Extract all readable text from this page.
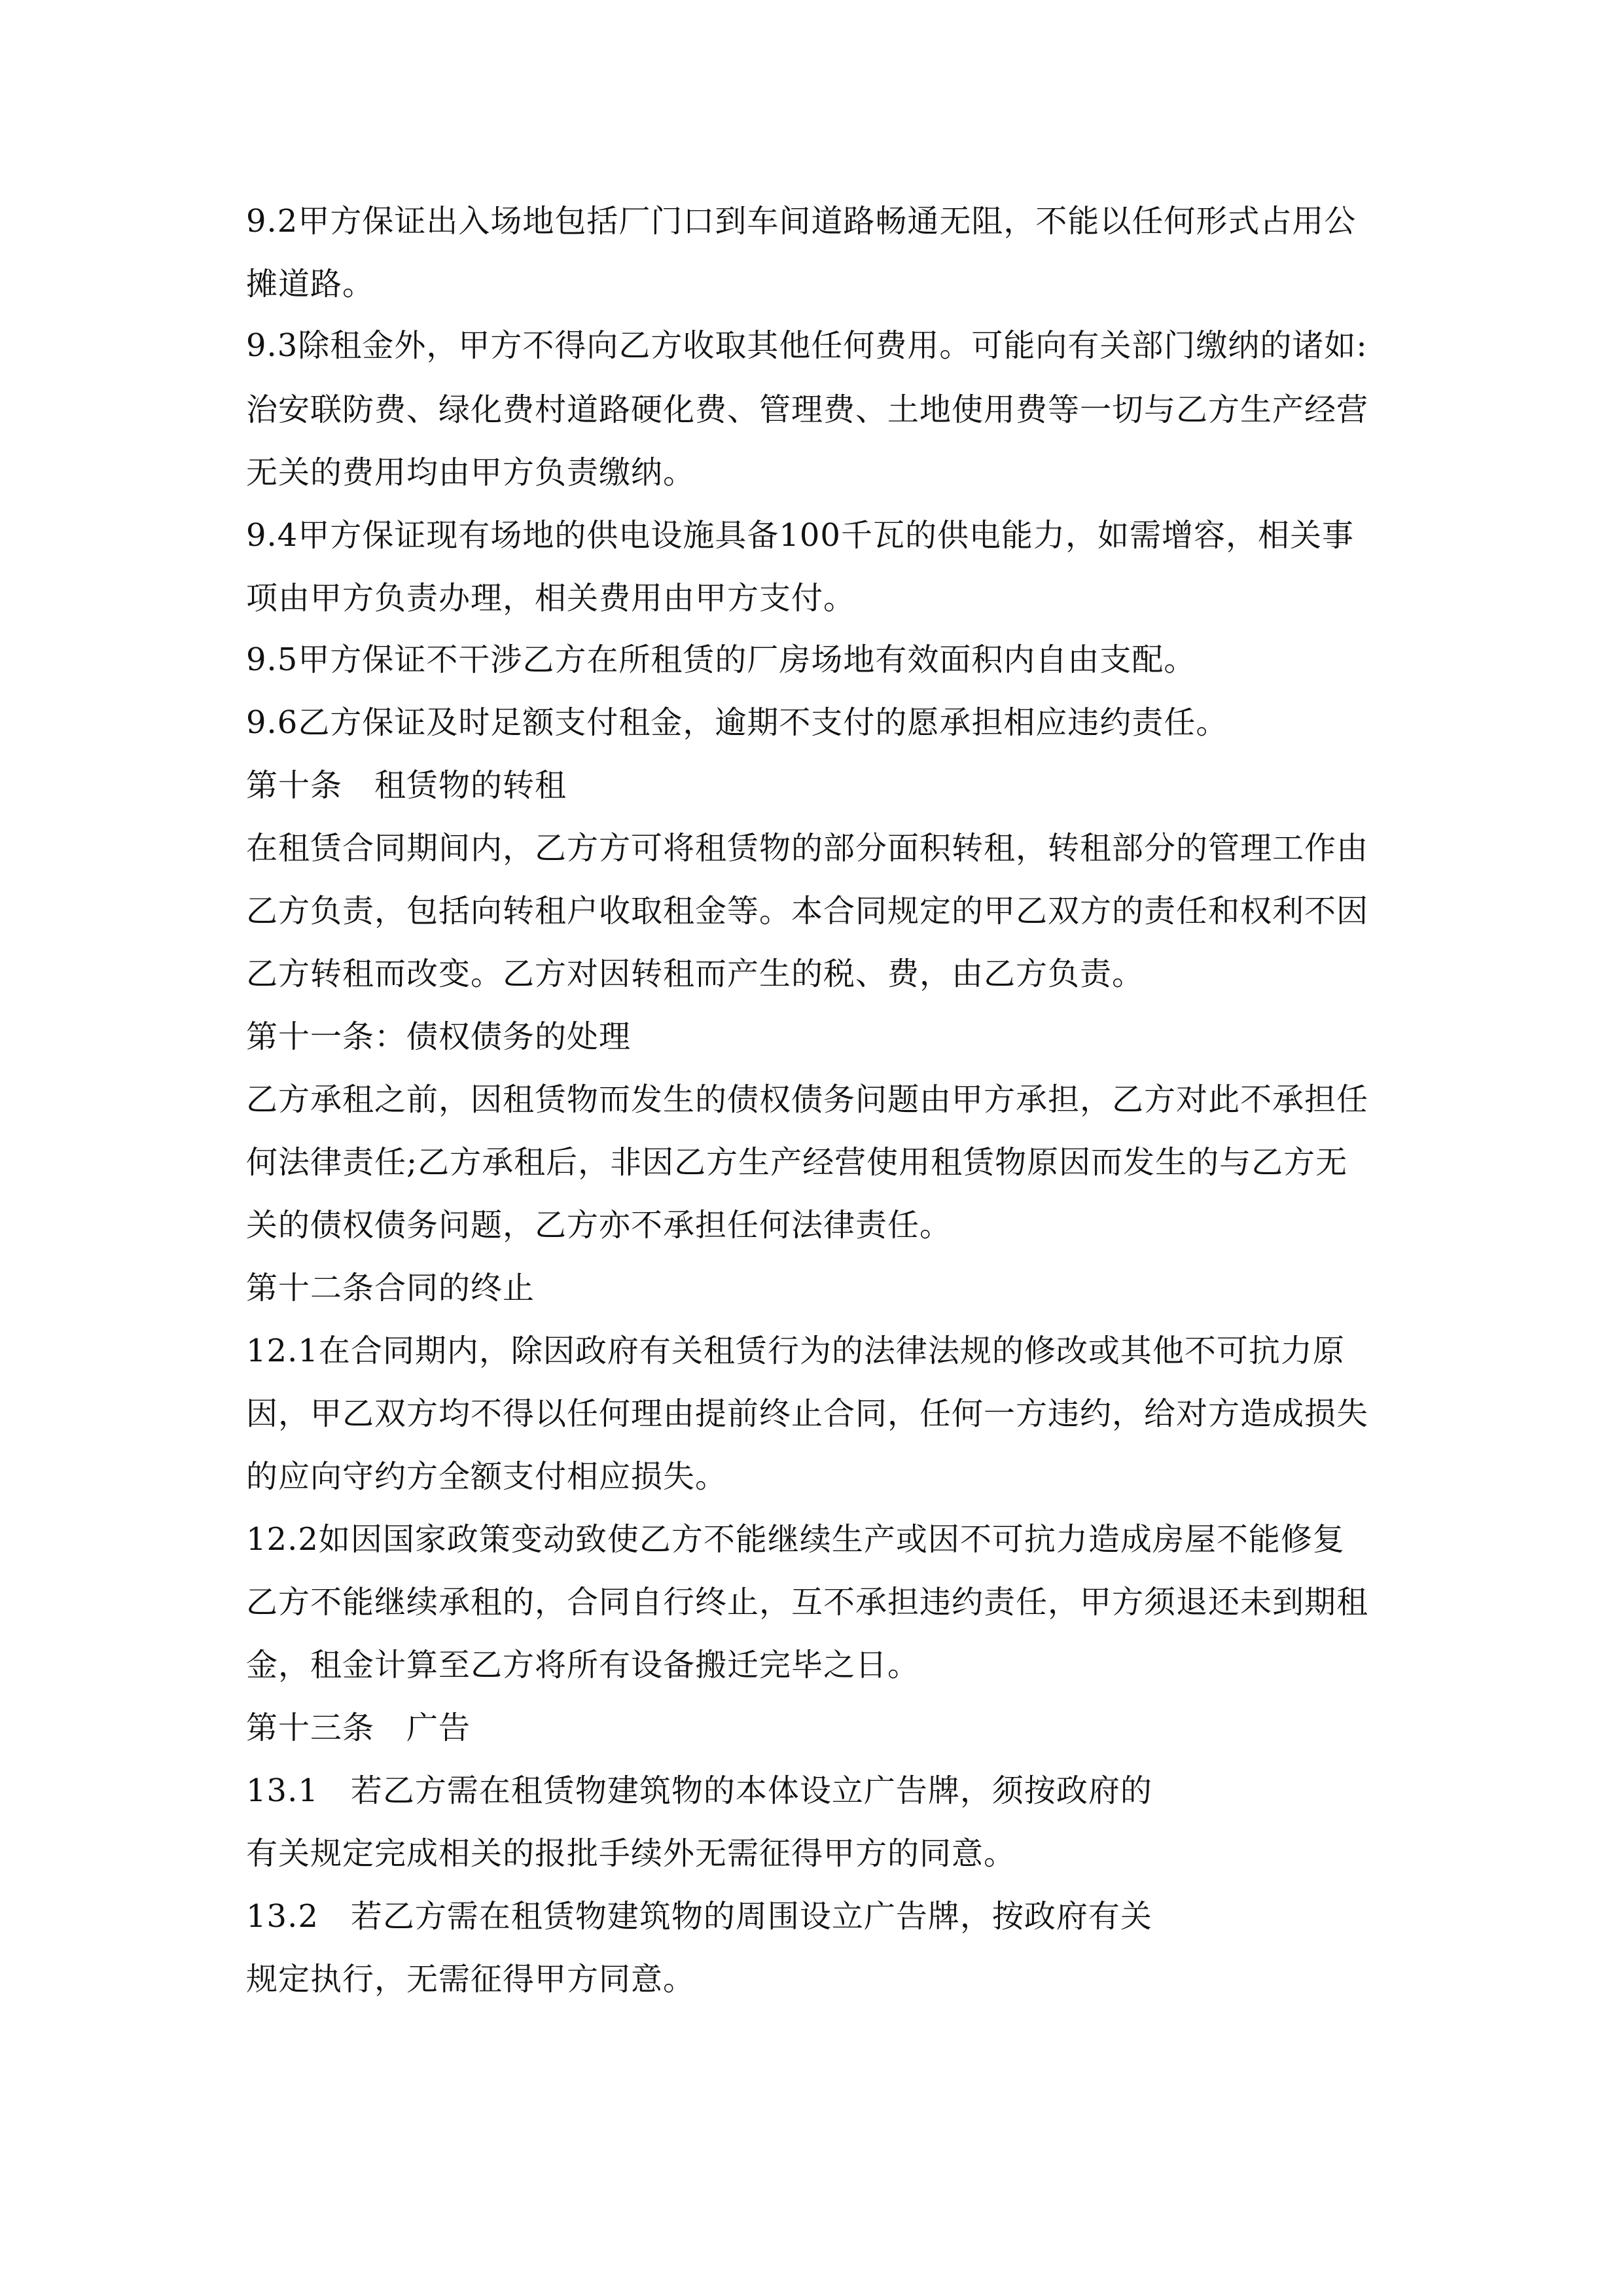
9.2甲方保证出入场地包括厂门口到车间道路畅通无阻，不能以任何形式占用公
摊道路。
9.3除租金外，甲方不得向乙方收取其他任何费用。可能向有关部门缴纳的诸如:
治安联防费、绿化费村道路硬化费、管理费、土地使用费等一切与乙方生产经营
无关的费用均由甲方负责缴纳。
9.4甲方保证现有场地的供电设施具备100千瓦的供电能力，如需增容，相关事
项由甲方负责办理，相关费用由甲方支付。
9.5甲方保证不干涉乙方在所租赁的厂房场地有效面积内自由支配。
9.6乙方保证及时足额支付租金，逾期不支付的愿承担相应违约责任。
第十条　租赁物的转租
在租赁合同期间内，乙方方可将租赁物的部分面积转租，转租部分的管理工作由
乙方负责，包括向转租户收取租金等。本合同规定的甲乙双方的责任和权利不因
乙方转租而改变。乙方对因转租而产生的税、费，由乙方负责。
第十一条：债权债务的处理
乙方承租之前，因租赁物而发生的债权债务问题由甲方承担，乙方对此不承担任
何法律责任;乙方承租后，非因乙方生产经营使用租赁物原因而发生的与乙方无
关的债权债务问题，乙方亦不承担任何法律责任。
第十二条合同的终止
12.1在合同期内，除因政府有关租赁行为的法律法规的修改或其他不可抗力原
因，甲乙双方均不得以任何理由提前终止合同，任何一方违约，给对方造成损失
的应向守约方全额支付相应损失。
12.2如因国家政策变动致使乙方不能继续生产或因不可抗力造成房屋不能修复
乙方不能继续承租的，合同自行终止，互不承担违约责任，甲方须退还未到期租
金，租金计算至乙方将所有设备搬迁完毕之日。
第十三条　广告
13.1　若乙方需在租赁物建筑物的本体设立广告牌，须按政府的
有关规定完成相关的报批手续外无需征得甲方的同意。
13.2　若乙方需在租赁物建筑物的周围设立广告牌，按政府有关
规定执行，无需征得甲方同意。
